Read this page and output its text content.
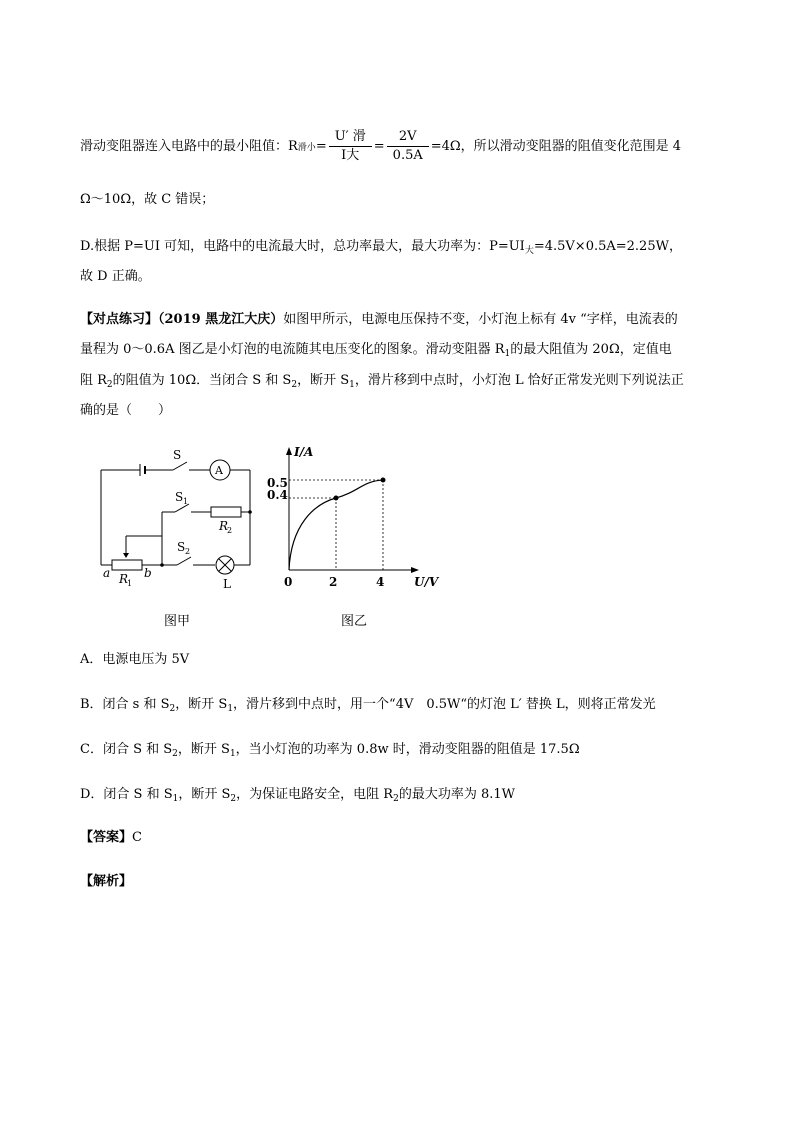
滑动变阻器连入电路中的最小阻值：R滑小= $\frac{\text{U′ 滑}}{\text{I大}} = \frac{2V}{0.5A} =4\Omega$，所以滑动变阻器的阻值变化范围是 4
Ω～10Ω，故 C 错误；
D.根据 P=UI 可知，电路中的电流最大时，总功率最大，最大功率为：$P=UI_大=4.5V\times 0.5A=2.25W$，
故 D 正确。
【对点练习】（2019 黑龙江大庆）如图甲所示，电源电压保持不变，小灯泡上标有 4v “字样，电流表的
量程为 0～0.6A 图乙是小灯泡的电流随其电压变化的图象。滑动变阻器 $R_1$的最大阻值为 20Ω，定值电
阻 $R_2$的阻值为 10Ω．当闭合 S 和 $S_2$，断开 $S_1$，滑片移到中点时，小灯泡 L 恰好正常发光则下列说法正
确的是（　　）
S
A
S 1
R
2
S 2
a	b
R
1	L
I/A
U/V
0.5
0.4
0	2	4
图甲	图乙
A．电源电压为 5V
B．闭合 s 和 $S_2$，断开 $S_1$，滑片移到中点时，用一个“4V　0.5W“的灯泡 L′ 替换 L，则将正常发光
C．闭合 S 和 $S_2$，断开 $S_1$，当小灯泡的功率为 0.8w 时，滑动变阻器的阻值是 17.5Ω
D．闭合 S 和 $S_1$，断开 $S_2$，为保证电路安全，电阻 $R_2$的最大功率为 8.1W
【答案】C
【解析】
